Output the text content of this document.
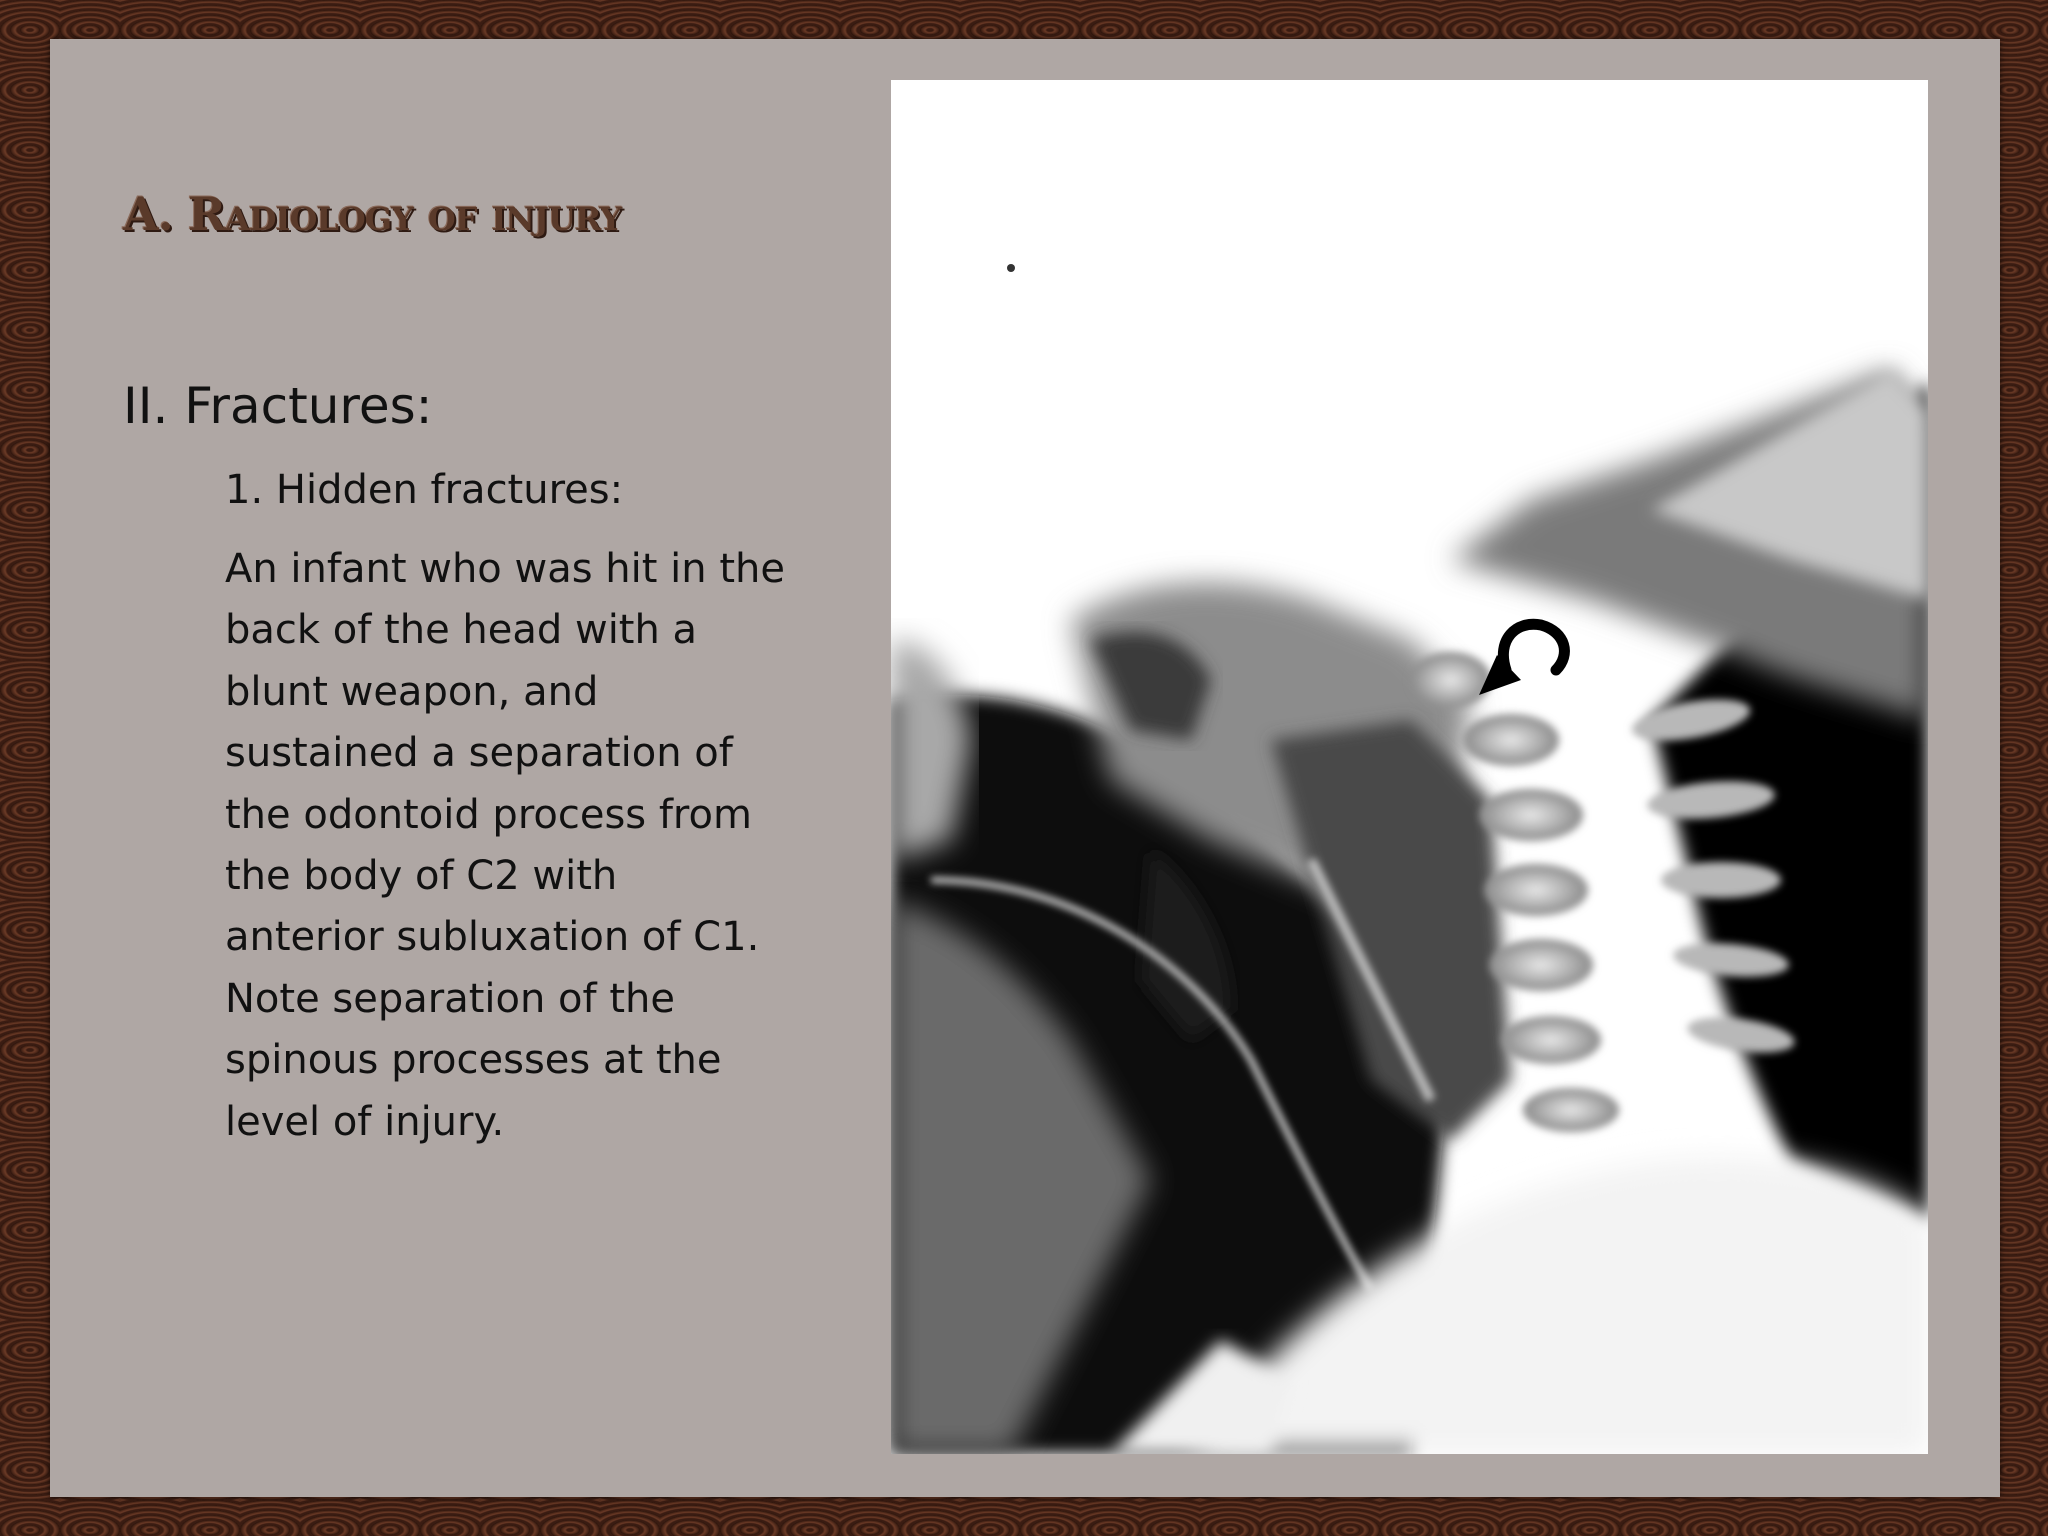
A. Radiology of injury
II. Fractures:

1. Hidden fractures:

An infant who was hit in the back of the head with a blunt weapon, and sustained a separation of the odontoid process from the body of C2 with anterior subluxation of C1. Note separation of the spinous processes at the level of injury.
